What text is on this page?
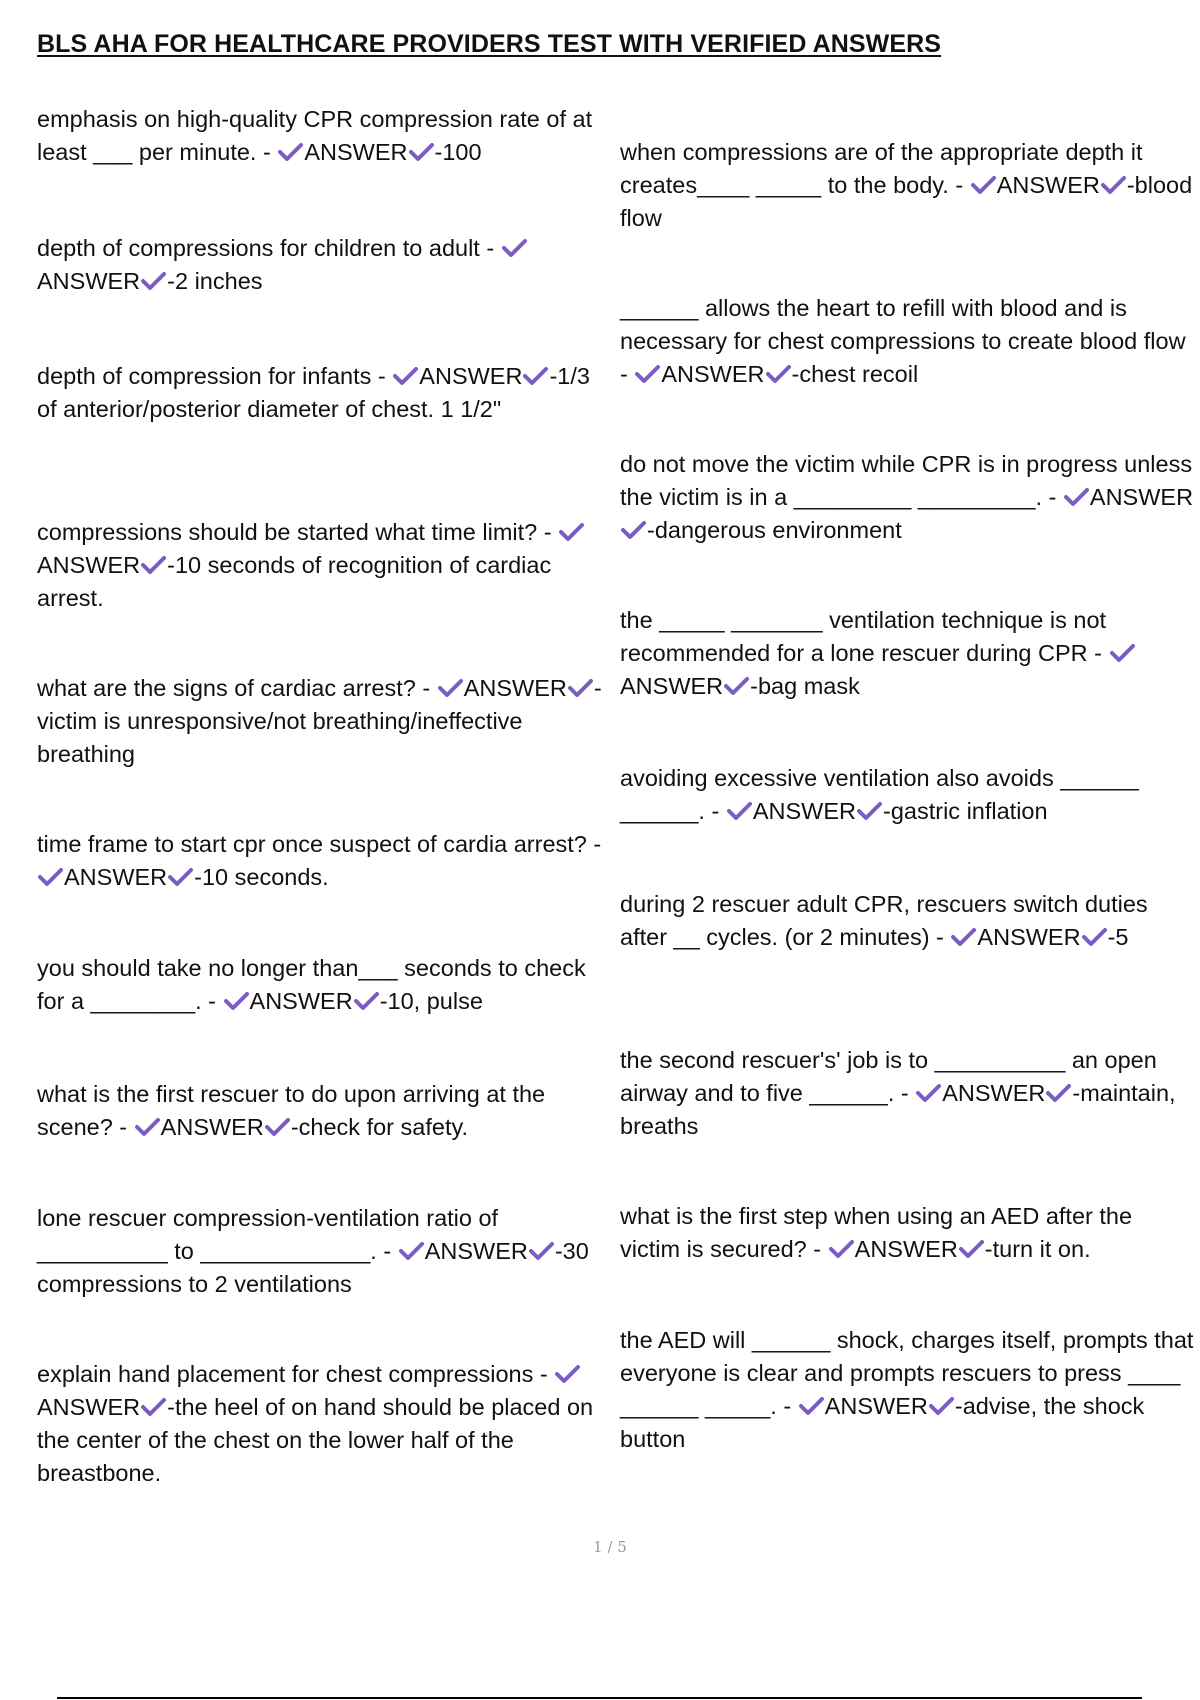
BLS AHA FOR HEALTHCARE PROVIDERS TEST WITH VERIFIED ANSWERS
emphasis on high-quality CPR compression rate of at least ___ per minute. - ANSWER -100
depth of compressions for children to adult -
ANSWER -2 inches
depth of compression for infants - ANSWER -1/3 of anterior/posterior diameter of chest. 1 1/2"
compressions should be started what time limit? -
ANSWER -10 seconds of recognition of cardiac arrest.
what are the signs of cardiac arrest? - ANSWER -victim is unresponsive/not breathing/ineffective breathing
time frame to start cpr once suspect of cardia arrest? -
ANSWER -10 seconds.
you should take no longer than___ seconds to check for a ________. - ANSWER -10, pulse
what is the first rescuer to do upon arriving at the scene? - ANSWER -check for safety.
lone rescuer compression-ventilation ratio of __________ to _____________. - ANSWER -30 compressions to 2 ventilations
explain hand placement for chest compressions -
ANSWER -the heel of on hand should be placed on the center of the chest on the lower half of the breastbone.
when compressions are of the appropriate depth it creates____ _____ to the body. - ANSWER -blood flow
______ allows the heart to refill with blood and is necessary for chest compressions to create blood flow - ANSWER -chest recoil
do not move the victim while CPR is in progress unless the victim is in a _________ _________. - ANSWER
-dangerous environment
the _____ _______ ventilation technique is not recommended for a lone rescuer during CPR -
ANSWER -bag mask
avoiding excessive ventilation also avoids ______ ______. - ANSWER -gastric inflation
during 2 rescuer adult CPR, rescuers switch duties after __ cycles. (or 2 minutes) - ANSWER -5
the second rescuer's' job is to __________ an open airway and to five ______. - ANSWER -maintain, breaths
what is the first step when using an AED after the victim is secured? - ANSWER -turn it on.
the AED will ______ shock, charges itself, prompts that everyone is clear and prompts rescuers to press ____ ______ _____. - ANSWER -advise, the shock button
1 / 5
